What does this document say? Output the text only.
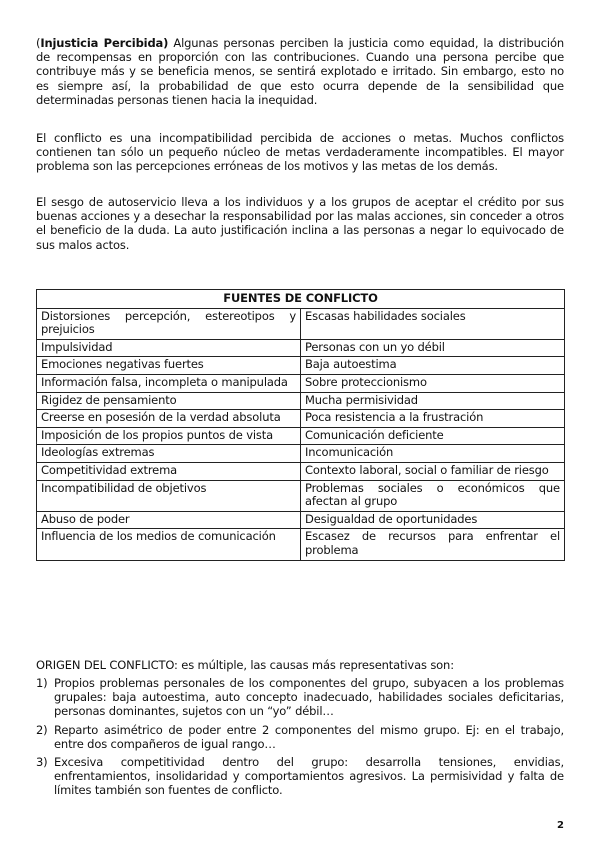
(Injusticia Percibida) Algunas personas perciben la justicia como equidad, la distribución de recompensas en proporción con las contribuciones. Cuando una persona percibe que contribuye más y se beneficia menos, se sentirá explotado e irritado. Sin embargo, esto no es siempre así, la probabilidad de que esto ocurra depende de la sensibilidad que determinadas personas tienen hacia la inequidad.

El conflicto es una incompatibilidad percibida de acciones o metas. Muchos conflictos contienen tan sólo un pequeño núcleo de metas verdaderamente incompatibles. El mayor problema son las percepciones erróneas de los motivos y las metas de los demás.

El sesgo de autoservicio lleva a los individuos y a los grupos de aceptar el crédito por sus buenas acciones y a desechar la responsabilidad por las malas acciones, sin conceder a otros el beneficio de la duda. La auto justificación inclina a las personas a negar lo equivocado de sus malos actos.

FUENTES DE CONFLICTO	
Distorsiones percepción, estereotipos y prejuicios	Escasas habilidades sociales
Impulsividad	Personas con un yo débil
Emociones negativas fuertes	Baja autoestima
Información falsa, incompleta o manipulada	Sobre proteccionismo
Rigidez de pensamiento	Mucha permisividad
Creerse en posesión de la verdad absoluta	Poca resistencia a la frustración
Imposición de los propios puntos de vista	Comunicación deficiente
Ideologías extremas	Incomunicación
Competitividad extrema	Contexto laboral, social o familiar de riesgo
Incompatibilidad de objetivos	Problemas sociales o económicos que afectan al grupo
Abuso de poder	Desigualdad de oportunidades
Influencia de los medios de comunicación	Escasez de recursos para enfrentar el problema
ORIGEN DEL CONFLICTO: es múltiple, las causas más representativas son:
1) Propios problemas personales de los componentes del grupo, subyacen a los problemas grupales: baja autoestima, auto concepto inadecuado, habilidades sociales deficitarias, personas dominantes, sujetos con un “yo” débil…
2) Reparto asimétrico de poder entre 2 componentes del mismo grupo. Ej: en el trabajo, entre dos compañeros de igual rango…
3) Excesiva competitividad dentro del grupo: desarrolla tensiones, envidias, enfrentamientos, insolidaridad y comportamientos agresivos. La permisividad y falta de límites también son fuentes de conflicto.
2
